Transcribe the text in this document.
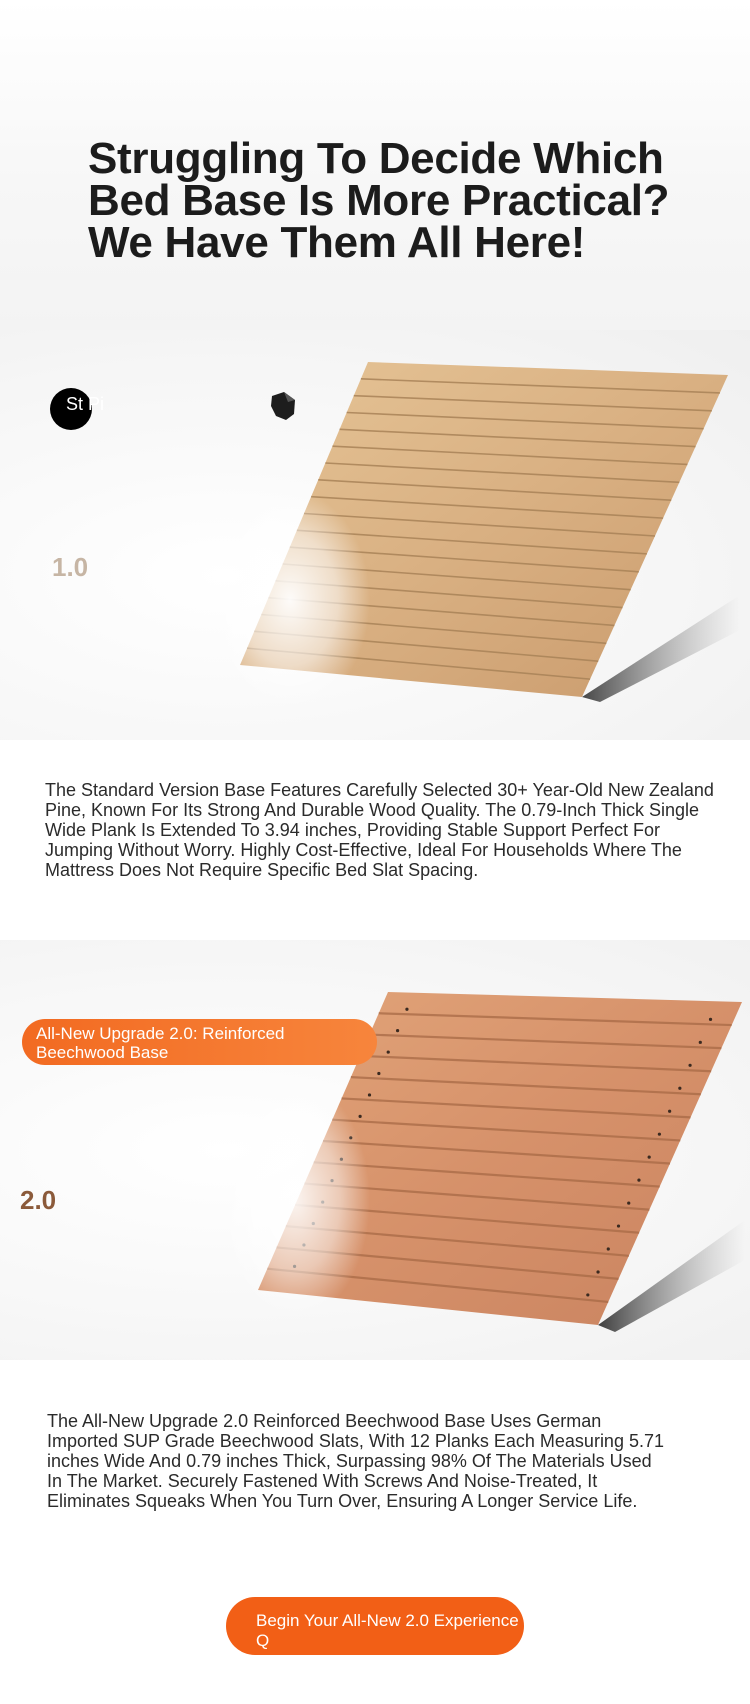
Struggling To Decide Which
Bed Base Is More Practical?
We Have Them All Here!
St Pi

1.0

The Standard Version Base Features Carefully Selected 30+ Year-Old New Zealand Pine, Known For Its Strong And Durable Wood Quality. The 0.79-Inch Thick Single Wide Plank Is Extended To 3.94 inches, Providing Stable Support Perfect For Jumping Without Worry. Highly Cost-Effective, Ideal For Households Where The Mattress Does Not Require Specific Bed Slat Spacing.

2.0

All-New Upgrade 2.0: Reinforced Beechwood Base

The All-New Upgrade 2.0 Reinforced Beechwood Base Uses German Imported SUP Grade Beechwood Slats, With 12 Planks Each Measuring 5.71 inches Wide And 0.79 inches Thick, Surpassing 98% Of The Materials Used In The Market. Securely Fastened With Screws And Noise-Treated, It Eliminates Squeaks When You Turn Over, Ensuring A Longer Service Life.

Begin Your All-New 2.0 Experience Q
